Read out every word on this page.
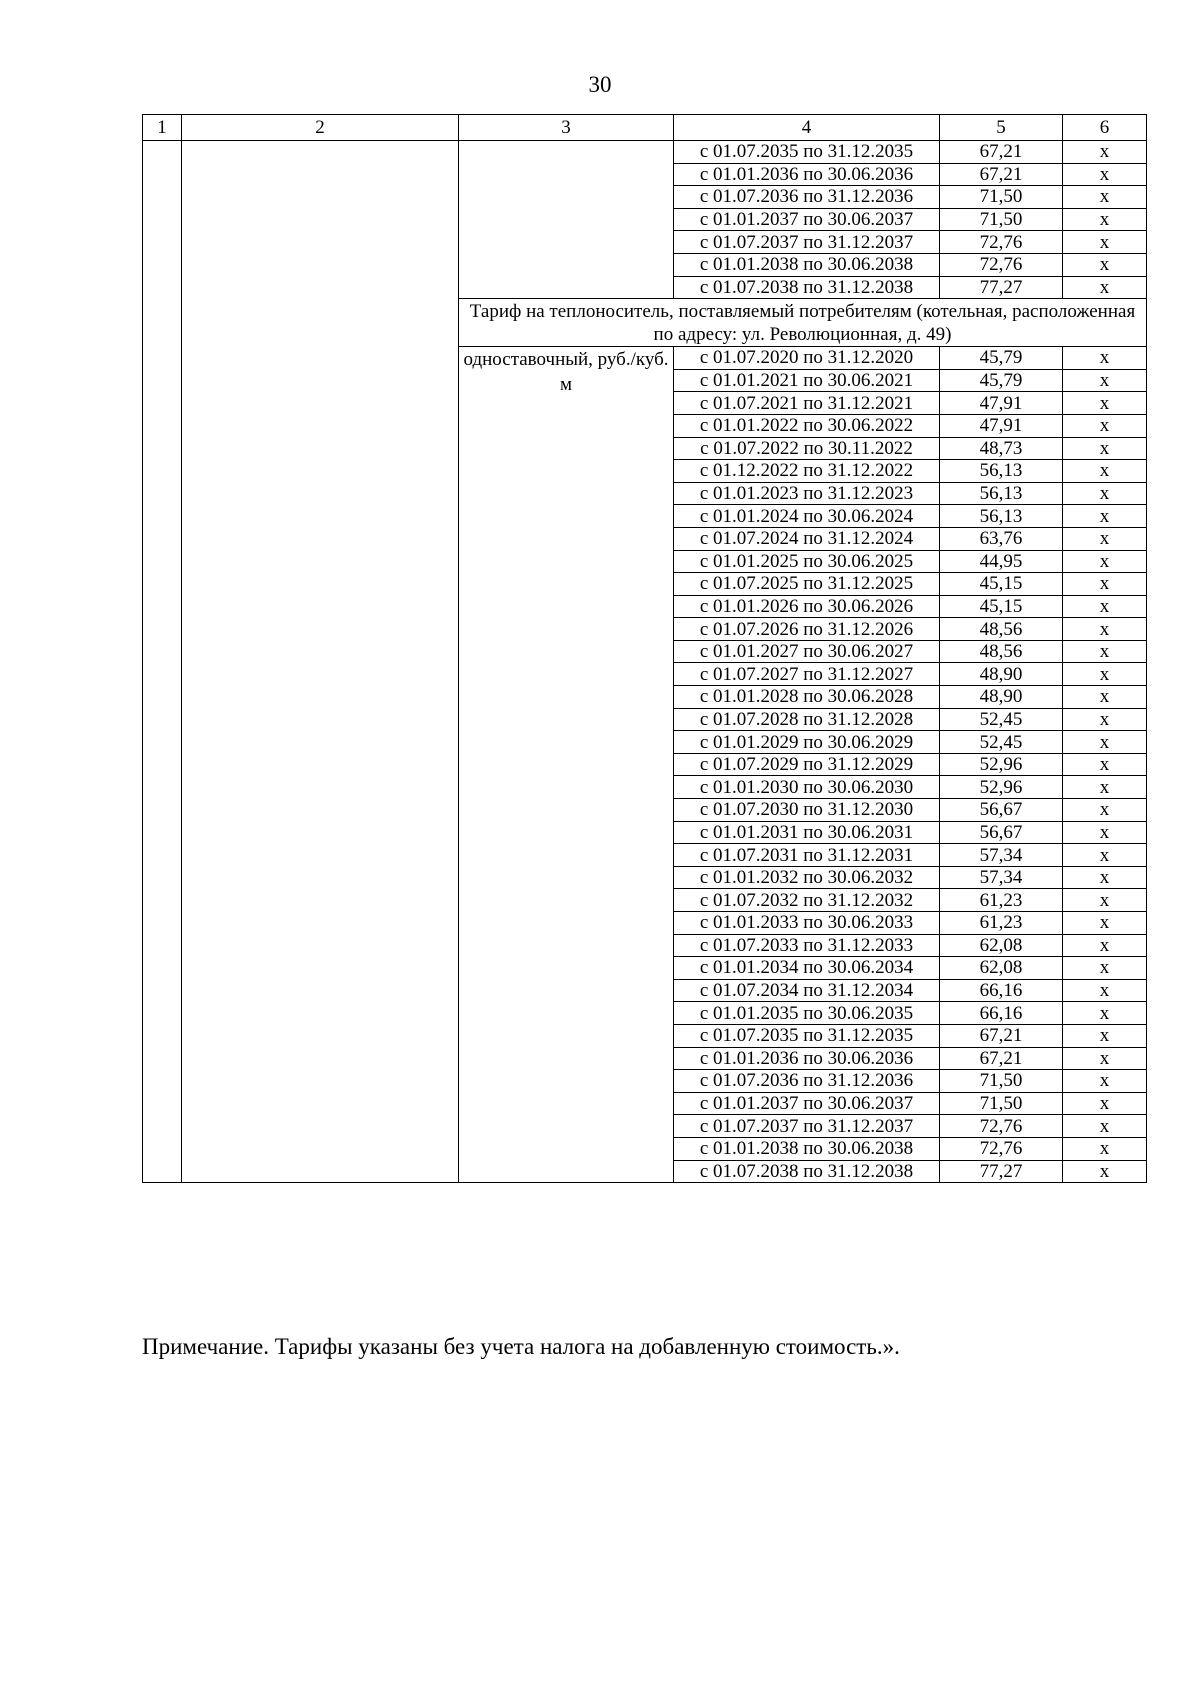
30
1	2	3	4	5	6
			с 01.07.2035 по 31.12.2035	67,21	х
			с 01.01.2036 по 30.06.2036	67,21	х
			с 01.07.2036 по 31.12.2036	71,50	х
			с 01.01.2037 по 30.06.2037	71,50	х
			с 01.07.2037 по 31.12.2037	72,76	х
			с 01.01.2038 по 30.06.2038	72,76	х
			с 01.07.2038 по 31.12.2038	77,27	х
		Тариф на теплоноситель, поставляемый потребителям (котельная, расположенная по адресу: ул. Революционная, д. 49)			
		одноставочный, руб./куб. м	с 01.07.2020 по 31.12.2020	45,79	х
			с 01.01.2021 по 30.06.2021	45,79	х
			с 01.07.2021 по 31.12.2021	47,91	х
			с 01.01.2022 по 30.06.2022	47,91	х
			с 01.07.2022 по 30.11.2022	48,73	х
			с 01.12.2022 по 31.12.2022	56,13	х
			с 01.01.2023 по 31.12.2023	56,13	х
			с 01.01.2024 по 30.06.2024	56,13	х
			с 01.07.2024 по 31.12.2024	63,76	х
			с 01.01.2025 по 30.06.2025	44,95	х
			с 01.07.2025 по 31.12.2025	45,15	х
			с 01.01.2026 по 30.06.2026	45,15	х
			с 01.07.2026 по 31.12.2026	48,56	х
			с 01.01.2027 по 30.06.2027	48,56	х
			с 01.07.2027 по 31.12.2027	48,90	х
			с 01.01.2028 по 30.06.2028	48,90	х
			с 01.07.2028 по 31.12.2028	52,45	х
			с 01.01.2029 по 30.06.2029	52,45	х
			с 01.07.2029 по 31.12.2029	52,96	х
			с 01.01.2030 по 30.06.2030	52,96	х
			с 01.07.2030 по 31.12.2030	56,67	х
			с 01.01.2031 по 30.06.2031	56,67	х
			с 01.07.2031 по 31.12.2031	57,34	х
			с 01.01.2032 по 30.06.2032	57,34	х
			с 01.07.2032 по 31.12.2032	61,23	х
			с 01.01.2033 по 30.06.2033	61,23	х
			с 01.07.2033 по 31.12.2033	62,08	х
			с 01.01.2034 по 30.06.2034	62,08	х
			с 01.07.2034 по 31.12.2034	66,16	х
			с 01.01.2035 по 30.06.2035	66,16	х
			с 01.07.2035 по 31.12.2035	67,21	х
			с 01.01.2036 по 30.06.2036	67,21	х
			с 01.07.2036 по 31.12.2036	71,50	х
			с 01.01.2037 по 30.06.2037	71,50	х
			с 01.07.2037 по 31.12.2037	72,76	х
			с 01.01.2038 по 30.06.2038	72,76	х
			с 01.07.2038 по 31.12.2038	77,27	х
Примечание. Тарифы указаны без учета налога на добавленную стоимость.».
